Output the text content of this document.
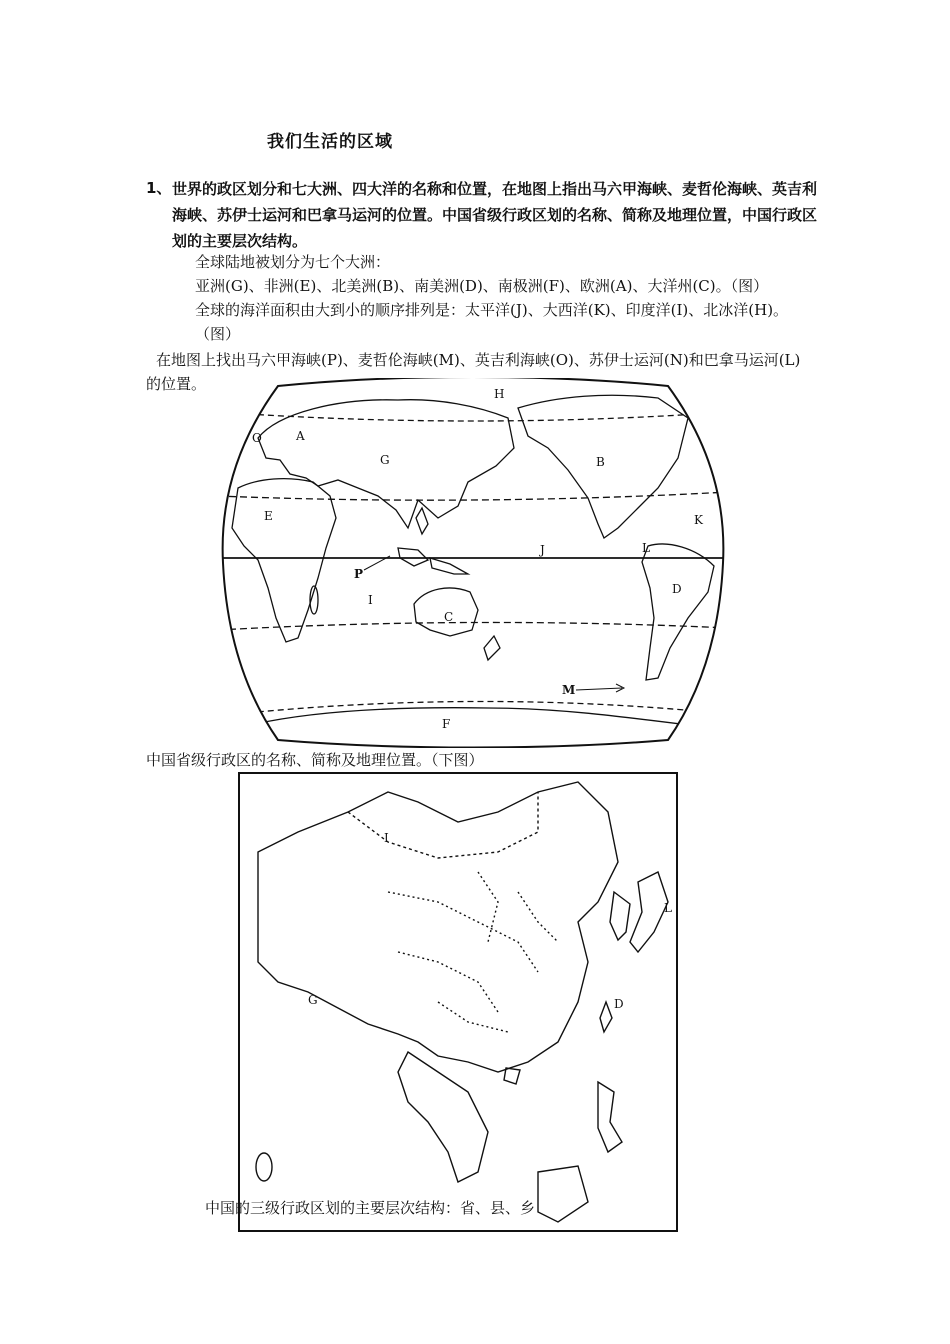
我们生活的区域
1、 世界的政区划分和七大洲、四大洋的名称和位置，在地图上指出马六甲海峡、麦哲伦海峡、英吉利海峡、苏伊士运河和巴拿马运河的位置。中国省级行政区划的名称、简称及地理位置，中国行政区划的主要层次结构。
全球陆地被划分为七个大洲：
亚洲(G)、非洲(E)、北美洲(B)、南美洲(D)、南极洲(F)、欧洲(A)、大洋州(C)。（图）
全球的海洋面积由大到小的顺序排列是：太平洋(J)、大西洋(K)、印度洋(I)、北冰洋(H)。（图）
在地图上找出马六甲海峡(P)、麦哲伦海峡(M)、英吉利海峡(O)、苏伊士运河(N)和巴拿马运河(L)的位置。
A
G
H
B
E	K
J	L
P
D
I
C
M
F
O
中国省级行政区的名称、简称及地理位置。（下图）
I
G	D
L
中国的三级行政区划的主要层次结构：省、县、乡
